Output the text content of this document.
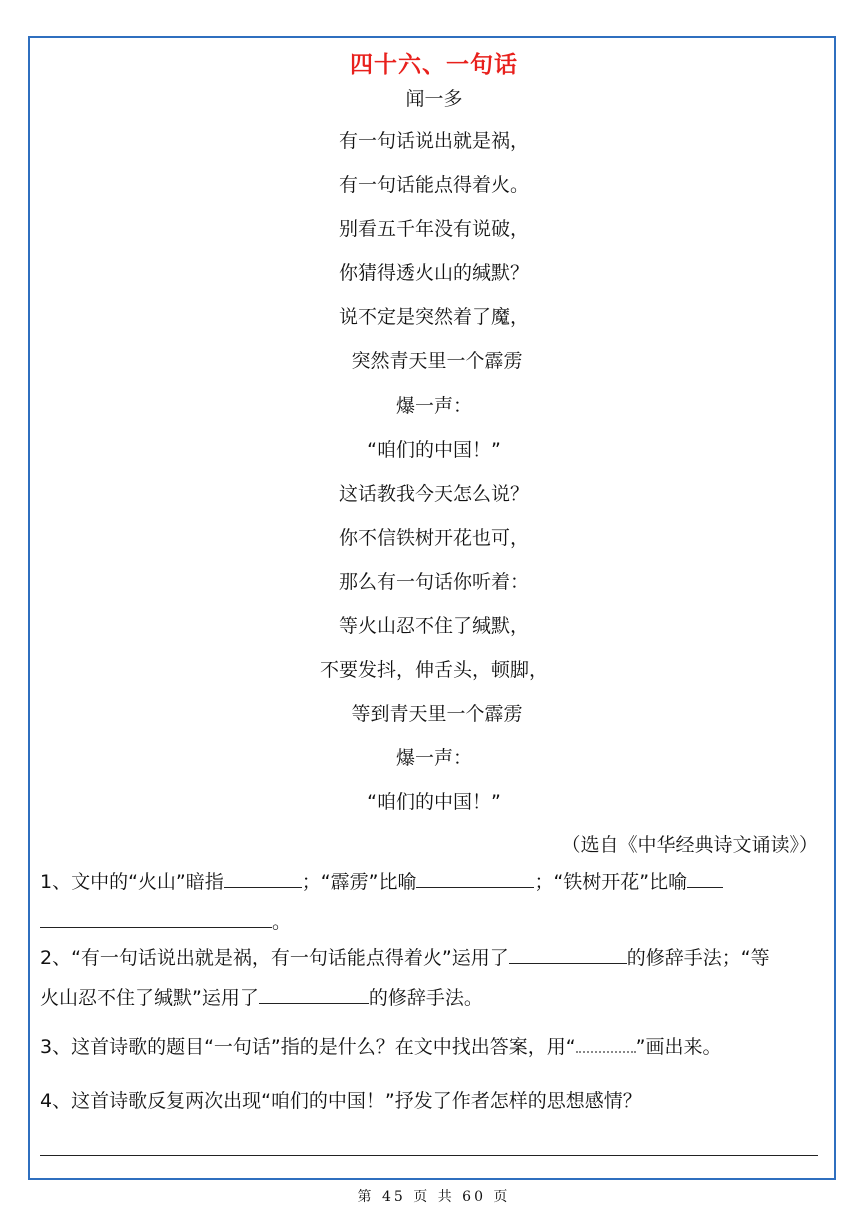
四十六、一句话
闻一多
有一句话说出就是祸，
有一句话能点得着火。
别看五千年没有说破，
你猜得透火山的缄默？
说不定是突然着了魔，
突然青天里一个霹雳
爆一声：
“咱们的中国！”
这话教我今天怎么说？
你不信铁树开花也可，
那么有一句话你听着：
等火山忍不住了缄默，
不要发抖，伸舌头，顿脚，
等到青天里一个霹雳
爆一声：
“咱们的中国！”
（选自《中华经典诗文诵读》）
1、文中的“火山”暗指	；“霹雳”比喻	；“铁树开花”比喻
。
2、“有一句话说出就是祸，有一句话能点得着火”运用了	的修辞手法；“等
火山忍不住了缄默”运用了	的修辞手法。
3、这首诗歌的题目“一句话”指的是什么？在文中找出答案，用“	”画出来。
4、这首诗歌反复两次出现“咱们的中国！”抒发了作者怎样的思想感情？
第 45 页 共 60 页
